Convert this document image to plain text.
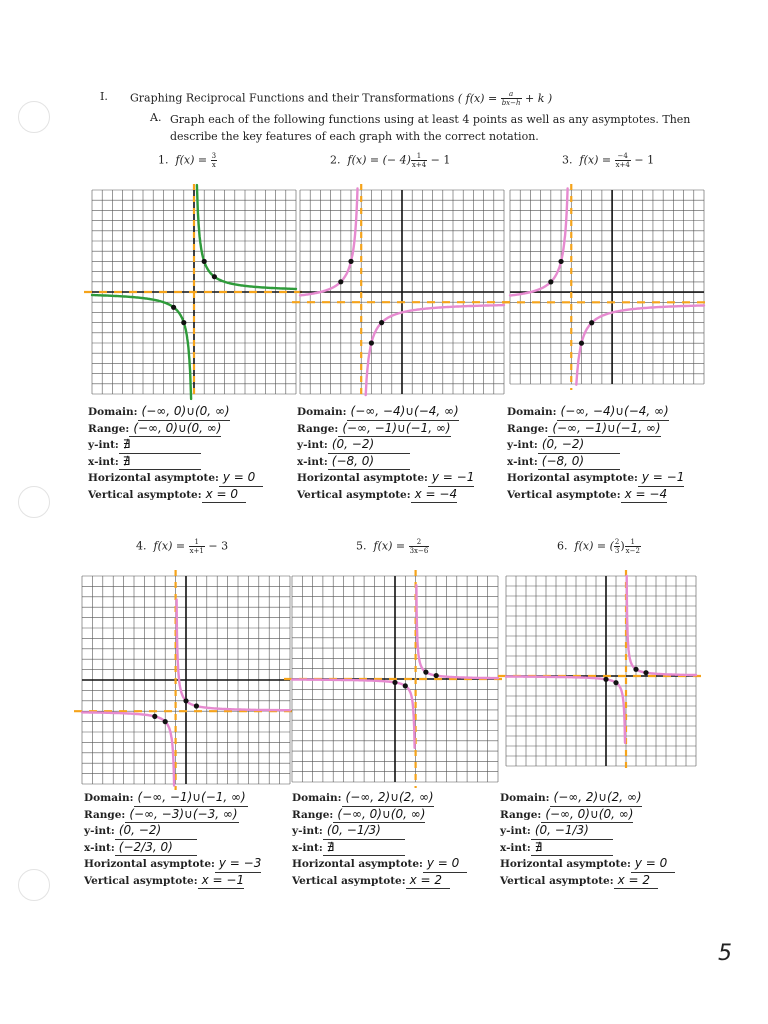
I. Graphing Reciprocal Functions and their Transformations ( $f(x) = \frac{a}{bx-h} + k$ )
A. Graph each of the following functions using at least 4 points as well as any asymptotes. Then
describe the key features of each graph with the correct notation.
1. $f(x) = \frac{3}{x}$	2. f(x) = (− $4) \frac{1}{x+4} - 1$	3. $f(x) = \frac{-4}{x+4} - 1$
4. $f(x) = \frac{1}{x+1} - 3$	5. $f(x) = \frac{2}{3x-6}$	6. f(x) = ( $\frac{2}{3}$ ) $\frac{1}{x-2}$
Domain: (−∞, 0)∪(0, ∞)
Range: (−∞, 0)∪(0, ∞)
y-int: ∄
x-int: ∄
Horizontal asymptote: y = 0
Vertical asymptote: x = 0
Domain: (−∞, −4)∪(−4, ∞)
Range: (−∞, −1)∪(−1, ∞)
y-int: (0, −2)
x-int: (−8, 0)
Horizontal asymptote: y = −1
Vertical asymptote: x = −4
Domain: (−∞, −4)∪(−4, ∞)
Range: (−∞, −1)∪(−1, ∞)
y-int: (0, −2)
x-int: (−8, 0)
Horizontal asymptote: y = −1
Vertical asymptote: x = −4
Domain: (−∞, −1)∪(−1, ∞)
Range: (−∞, −3)∪(−3, ∞)
y-int: (0, −2)
x-int: (−2/3, 0)
Horizontal asymptote: y = −3
Vertical asymptote: x = −1
Domain: (−∞, 2)∪(2, ∞)
Range: (−∞, 0)∪(0, ∞)
y-int: (0, −1/3)
x-int: ∄
Horizontal asymptote: y = 0
Vertical asymptote: x = 2
Domain: (−∞, 2)∪(2, ∞)
Range: (−∞, 0)∪(0, ∞)
y-int: (0, −1/3)
x-int: ∄
Horizontal asymptote: y = 0
Vertical asymptote: x = 2
5
